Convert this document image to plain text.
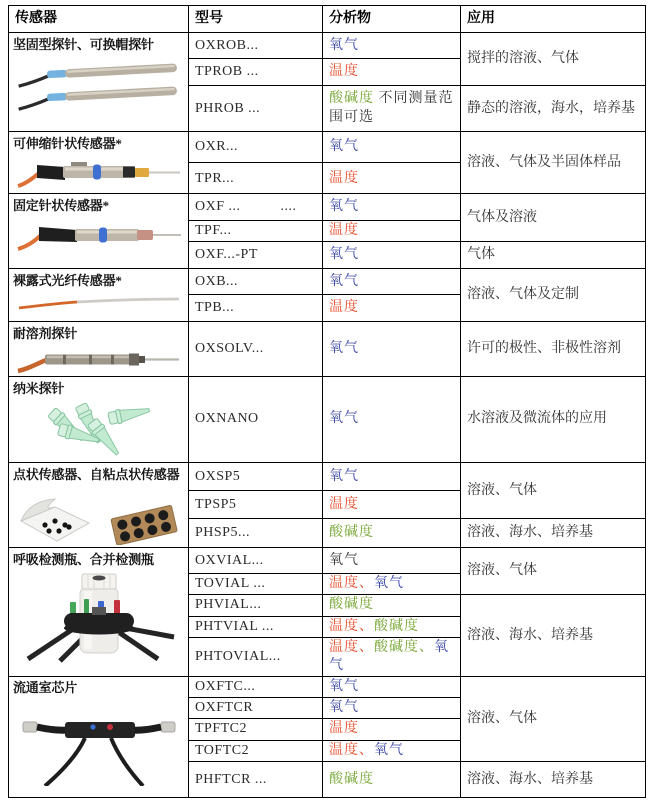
传感器	型号	分析物	应用

坚固型探针、可换帽探针	OXROB...	氧气	搅拌的溶液、气体
	TPROB ...	温度	
	PHROB ...	酸碱度 不同测量范围可选	静态的溶液，海水，培养基

可伸缩针状传感器*	OXR...	氧气	溶液、气体及半固体样品
	TPR...	温度	

固定针状传感器*	OXF ...          ....	氧气	气体及溶液
	TPF...	温度	
	OXF...-PT	氧气	气体

裸露式光纤传感器*	OXB...	氧气	溶液、气体及定制
	TPB...	温度	

耐溶剂探针	OXSOLV...	氧气	许可的极性、非极性溶剂

纳米探针	OXNANO	氧气	水溶液及微流体的应用

点状传感器、自粘点状传感器	OXSP5	氧气	溶液、气体
	TPSP5	温度	
	PHSP5...	酸碱度	溶液、海水、培养基

呼吸检测瓶、合并检测瓶	OXVIAL...	氧气	溶液、气体
	TOVIAL ...	温度、氧气	
	PHVIAL...	酸碱度	溶液、海水、培养基
	PHTVIAL ...	温度、酸碱度	
	PHTOVIAL...	温度、酸碱度、氧气	

流通室芯片	OXFTC...	氧气	溶液、气体
	OXFTCR	氧气	
	TPFTC2	温度	
	TOFTC2	温度、氧气	
	PHFTCR ...	酸碱度	溶液、海水、培养基
